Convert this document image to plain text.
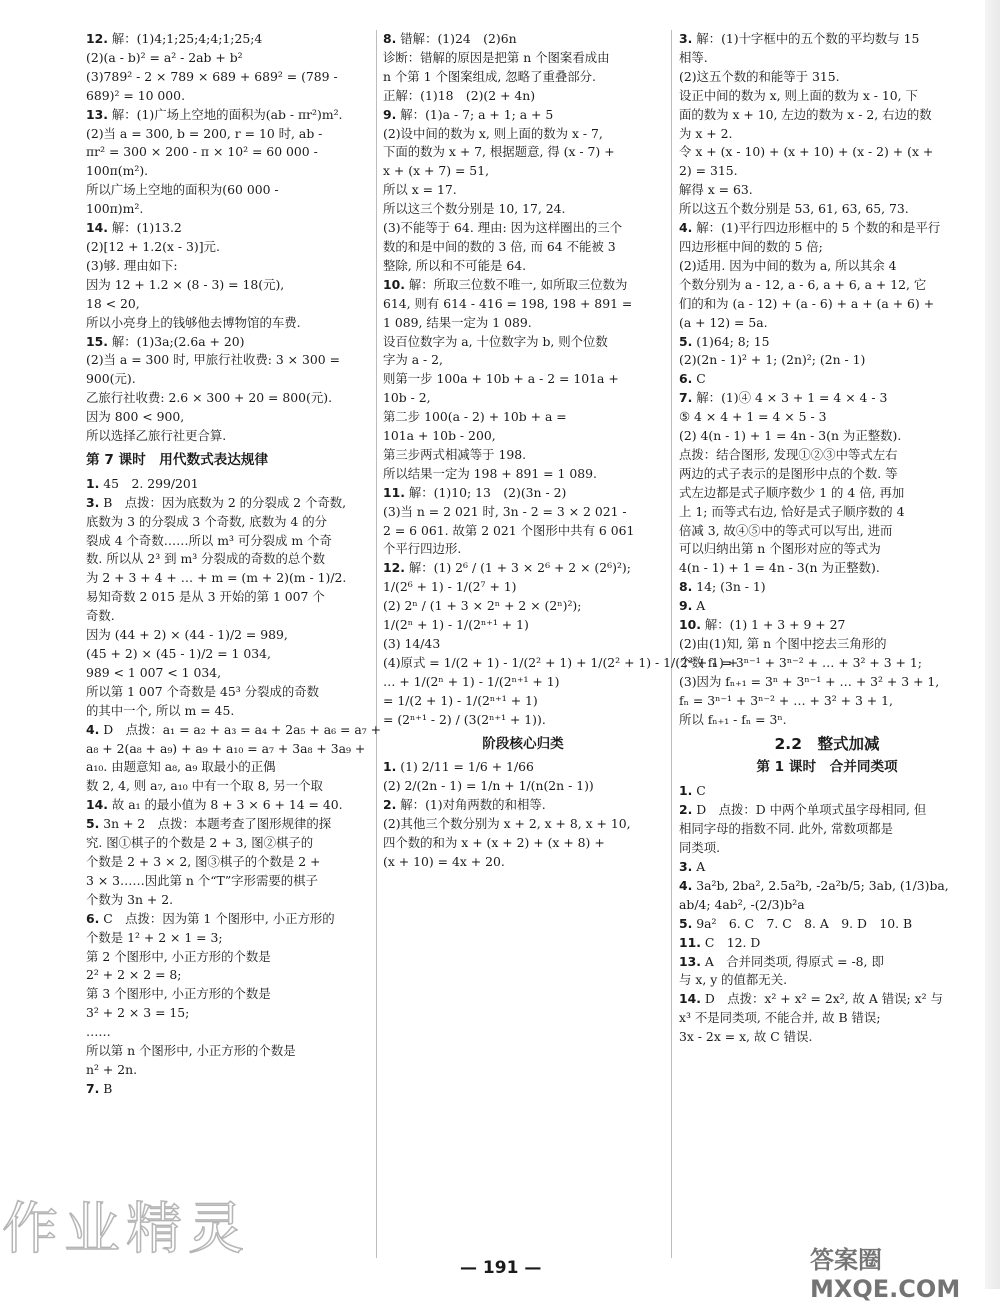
12. 解：(1)4;1;25;4;4;1;25;4
(2)(a - b)² = a² - 2ab + b²
(3)789² - 2 × 789 × 689 + 689² = (789 -
689)² = 10 000.
13. 解：(1)广场上空地的面积为(ab - πr²)m².
(2)当 a = 300, b = 200, r = 10 时, ab -
πr² = 300 × 200 - π × 10² = 60 000 -
100π(m²).
所以广场上空地的面积为(60 000 -
100π)m².
14. 解：(1)13.2
(2)[12 + 1.2(x - 3)]元.
(3)够. 理由如下:
因为 12 + 1.2 × (8 - 3) = 18(元),
18 < 20,
所以小亮身上的钱够他去博物馆的车费.
15. 解：(1)3a;(2.6a + 20)
(2)当 a = 300 时, 甲旅行社收费: 3 × 300 =
900(元).
乙旅行社收费: 2.6 × 300 + 20 = 800(元).
因为 800 < 900,
所以选择乙旅行社更合算.
第 7 课时　用代数式表达规律
1. 45　2. 299/201
3. B　点拨：因为底数为 2 的分裂成 2 个奇数,
底数为 3 的分裂成 3 个奇数, 底数为 4 的分
裂成 4 个奇数……所以 m³ 可分裂成 m 个奇
数. 所以从 2³ 到 m³ 分裂成的奇数的总个数
为 2 + 3 + 4 + … + m = (m + 2)(m - 1)/2.
易知奇数 2 015 是从 3 开始的第 1 007 个
奇数.
因为 (44 + 2) × (44 - 1)/2 = 989,
(45 + 2) × (45 - 1)/2 = 1 034,
989 < 1 007 < 1 034,
所以第 1 007 个奇数是 45³ 分裂成的奇数
的其中一个, 所以 m = 45.
4. D　点拨：a₁ = a₂ + a₃ = a₄ + 2a₅ + a₆ = a₇ +
a₈ + 2(a₈ + a₉) + a₉ + a₁₀ = a₇ + 3a₈ + 3a₉ +
a₁₀. 由题意知 a₈, a₉ 取最小的正偶
数 2, 4, 则 a₇, a₁₀ 中有一个取 8, 另一个取
14. 故 a₁ 的最小值为 8 + 3 × 6 + 14 = 40.
5. 3n + 2　点拨：本题考查了图形规律的探
究. 图①棋子的个数是 2 + 3, 图②棋子的
个数是 2 + 3 × 2, 图③棋子的个数是 2 +
3 × 3……因此第 n 个“T”字形需要的棋子
个数为 3n + 2.
6. C　点拨：因为第 1 个图形中, 小正方形的
个数是 1² + 2 × 1 = 3;
第 2 个图形中, 小正方形的个数是
2² + 2 × 2 = 8;
第 3 个图形中, 小正方形的个数是
3² + 2 × 3 = 15;
……
所以第 n 个图形中, 小正方形的个数是
n² + 2n.
7. B
8. 错解：(1)24　(2)6n
诊断：错解的原因是把第 n 个图案看成由
n 个第 1 个图案组成, 忽略了重叠部分.
正解：(1)18　(2)(2 + 4n)
9. 解：(1)a - 7; a + 1; a + 5
(2)设中间的数为 x, 则上面的数为 x - 7,
下面的数为 x + 7, 根据题意, 得 (x - 7) +
x + (x + 7) = 51,
所以 x = 17.
所以这三个数分别是 10, 17, 24.
(3)不能等于 64. 理由: 因为这样圈出的三个
数的和是中间的数的 3 倍, 而 64 不能被 3
整除, 所以和不可能是 64.
10. 解：所取三位数不唯一, 如所取三位数为
614, 则有 614 - 416 = 198, 198 + 891 =
1 089, 结果一定为 1 089.
设百位数字为 a, 十位数字为 b, 则个位数
字为 a - 2,
则第一步 100a + 10b + a - 2 = 101a +
10b - 2,
第二步 100(a - 2) + 10b + a =
101a + 10b - 200,
第三步两式相减等于 198.
所以结果一定为 198 + 891 = 1 089.
11. 解：(1)10; 13　(2)(3n - 2)
(3)当 n = 2 021 时, 3n - 2 = 3 × 2 021 -
2 = 6 061. 故第 2 021 个图形中共有 6 061
个平行四边形.
12. 解：(1) 2⁶ / (1 + 3 × 2⁶ + 2 × (2⁶)²);
1/(2⁶ + 1) - 1/(2⁷ + 1)
(2) 2ⁿ / (1 + 3 × 2ⁿ + 2 × (2ⁿ)²);
1/(2ⁿ + 1) - 1/(2ⁿ⁺¹ + 1)
(3) 14/43
(4)原式 = 1/(2 + 1) - 1/(2² + 1) + 1/(2² + 1) - 1/(2³ + 1) +
… + 1/(2ⁿ + 1) - 1/(2ⁿ⁺¹ + 1)
= 1/(2 + 1) - 1/(2ⁿ⁺¹ + 1)
= (2ⁿ⁺¹ - 2) / (3(2ⁿ⁺¹ + 1)).
阶段核心归类
1. (1) 2/11 = 1/6 + 1/66
(2) 2/(2n - 1) = 1/n + 1/(n(2n - 1))
2. 解：(1)对角两数的和相等.
(2)其他三个数分别为 x + 2, x + 8, x + 10,
四个数的和为 x + (x + 2) + (x + 8) +
(x + 10) = 4x + 20.
3. 解：(1)十字框中的五个数的平均数与 15
相等.
(2)这五个数的和能等于 315.
设正中间的数为 x, 则上面的数为 x - 10, 下
面的数为 x + 10, 左边的数为 x - 2, 右边的数
为 x + 2.
令 x + (x - 10) + (x + 10) + (x - 2) + (x +
2) = 315.
解得 x = 63.
所以这五个数分别是 53, 61, 63, 65, 73.
4. 解：(1)平行四边形框中的 5 个数的和是平行
四边形框中间的数的 5 倍;
(2)适用. 因为中间的数为 a, 所以其余 4
个数分别为 a - 12, a - 6, a + 6, a + 12, 它
们的和为 (a - 12) + (a - 6) + a + (a + 6) +
(a + 12) = 5a.
5. (1)64; 8; 15
(2)(2n - 1)² + 1; (2n)²; (2n - 1)
6. C
7. 解：(1)④ 4 × 3 + 1 = 4 × 4 - 3
⑤ 4 × 4 + 1 = 4 × 5 - 3
(2) 4(n - 1) + 1 = 4n - 3(n 为正整数).
点拨：结合图形, 发现①②③中等式左右
两边的式子表示的是图形中点的个数. 等
式左边都是式子顺序数少 1 的 4 倍, 再加
上 1; 而等式右边, 恰好是式子顺序数的 4
倍减 3, 故④⑤中的等式可以写出, 进而
可以归纳出第 n 个图形对应的等式为
4(n - 1) + 1 = 4n - 3(n 为正整数).
8. 14; (3n - 1)
9. A
10. 解：(1) 1 + 3 + 9 + 27
(2)由(1)知, 第 n 个图中挖去三角形的
个数 fₙ = 3ⁿ⁻¹ + 3ⁿ⁻² + … + 3² + 3 + 1;
(3)因为 fₙ₊₁ = 3ⁿ + 3ⁿ⁻¹ + … + 3² + 3 + 1,
fₙ = 3ⁿ⁻¹ + 3ⁿ⁻² + … + 3² + 3 + 1,
所以 fₙ₊₁ - fₙ = 3ⁿ.
2.2　整式加减
第 1 课时　合并同类项
1. C
2. D　点拨：D 中两个单项式虽字母相同, 但
相同字母的指数不同. 此外, 常数项都是
同类项.
3. A
4. 3a²b, 2ba², 2.5a²b, -2a²b/5; 3ab, (1/3)ba,
ab/4; 4ab², -(2/3)b²a
5. 9a²　6. C　7. C　8. A　9. D　10. B
11. C　12. D
13. A　合并同类项, 得原式 = -8, 即
与 x, y 的值都无关.
14. D　点拨：x² + x² = 2x², 故 A 错误; x² 与
x³ 不是同类项, 不能合并, 故 B 错误;
3x - 2x = x, 故 C 错误.
— 191 —
作业精灵	答案圈 MXQE.COM
